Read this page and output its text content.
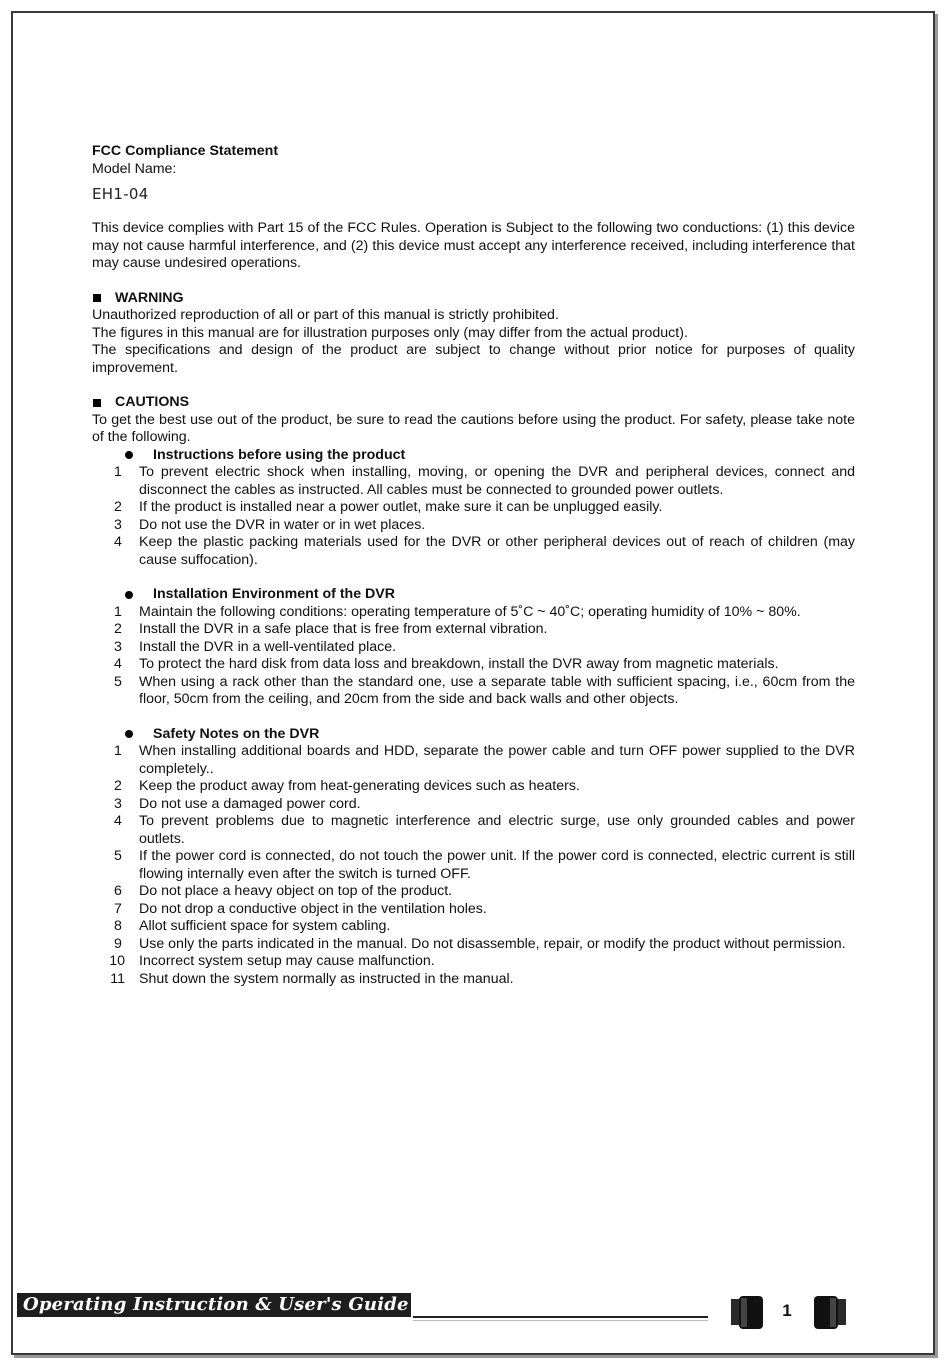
FCC Compliance Statement
Model Name:
EH1-04
This device complies with Part 15 of the FCC Rules. Operation is Subject to the following two conductions: (1) this device may not cause harmful interference, and (2) this device must accept any interference received, including interference that may cause undesired operations.
WARNING
Unauthorized reproduction of all or part of this manual is strictly prohibited.
The figures in this manual are for illustration purposes only (may differ from the actual product).
The specifications and design of the product are subject to change without prior notice for purposes of quality improvement.
CAUTIONS
To get the best use out of the product, be sure to read the cautions before using the product. For safety, please take note of the following.
Instructions before using the product
1	To prevent electric shock when installing, moving, or opening the DVR and peripheral devices, connect and disconnect the cables as instructed. All cables must be connected to grounded power outlets.
2	If the product is installed near a power outlet, make sure it can be unplugged easily.
3	Do not use the DVR in water or in wet places.
4	Keep the plastic packing materials used for the DVR or other peripheral devices out of reach of children (may cause suffocation).
Installation Environment of the DVR
1	Maintain the following conditions: operating temperature of 5˚C ~ 40˚C; operating humidity of 10% ~ 80%.
2	Install the DVR in a safe place that is free from external vibration.
3	Install the DVR in a well-ventilated place.
4	To protect the hard disk from data loss and breakdown, install the DVR away from magnetic materials.
5	When using a rack other than the standard one, use a separate table with sufficient spacing, i.e., 60cm from the floor, 50cm from the ceiling, and 20cm from the side and back walls and other objects.
Safety Notes on the DVR
1	When installing additional boards and HDD, separate the power cable and turn OFF power supplied to the DVR completely..
2	Keep the product away from heat-generating devices such as heaters.
3	Do not use a damaged power cord.
4	To prevent problems due to magnetic interference and electric surge, use only grounded cables and power outlets.
5	If the power cord is connected, do not touch the power unit. If the power cord is connected, electric current is still flowing internally even after the switch is turned OFF.
6	Do not place a heavy object on top of the product.
7	Do not drop a conductive object in the ventilation holes.
8	Allot sufficient space for system cabling.
9	Use only the parts indicated in the manual. Do not disassemble, repair, or modify the product without permission.
10 Incorrect system setup may cause malfunction.
11 Shut down the system normally as instructed in the manual.
Operating Instruction & User's Guide	1
